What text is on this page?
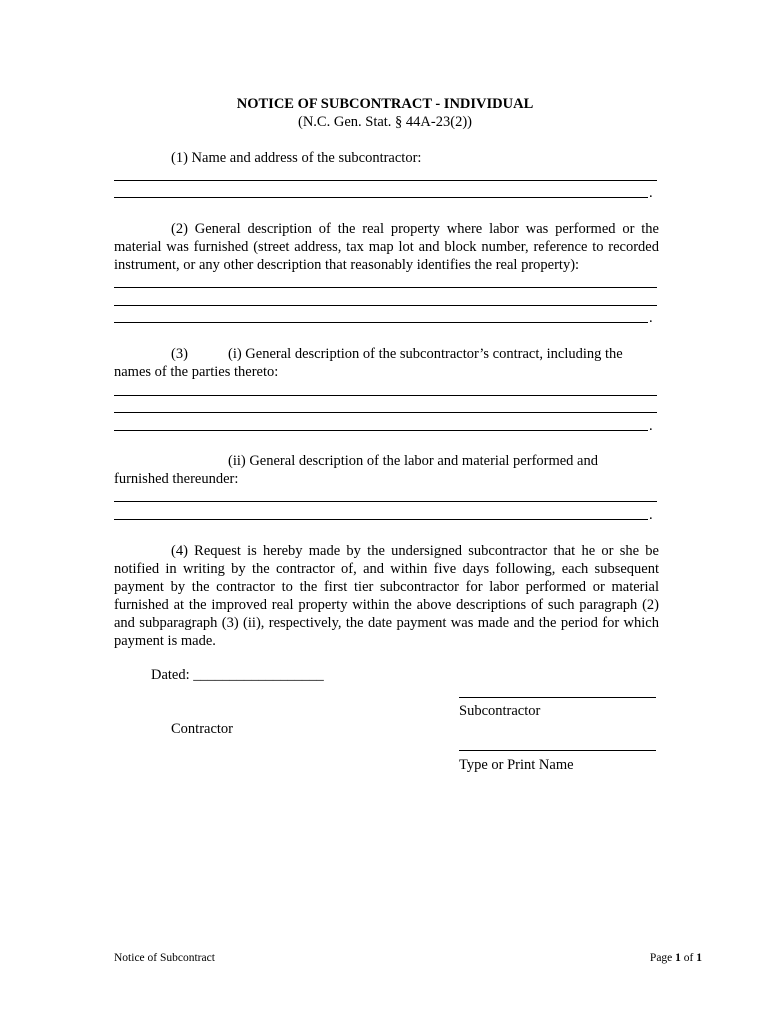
NOTICE OF SUBCONTRACT - INDIVIDUAL
(N.C. Gen. Stat. § 44A-23(2))
(1) Name and address of the subcontractor:
.
(2) General description of the real property where labor was performed or the material was furnished (street address, tax map lot and block number, reference to recorded instrument, or any other description that reasonably identifies the real property):
.
(3)	(i) General description of the subcontractor’s contract, including the
names of the parties thereto:
.
(ii) General description of the labor and material performed and
furnished thereunder:
.
(4) Request is hereby made by the undersigned subcontractor that he or she be notified in writing by the contractor of, and within five days following, each subsequent payment by the contractor to the first tier subcontractor for labor performed or material furnished at the improved real property within the above descriptions of such paragraph (2) and subparagraph (3) (ii), respectively, the date payment was made and the period for which payment is made.
Dated: __________________
Subcontractor
Contractor
Type or Print Name
Notice of Subcontract	Page 1 of 1
